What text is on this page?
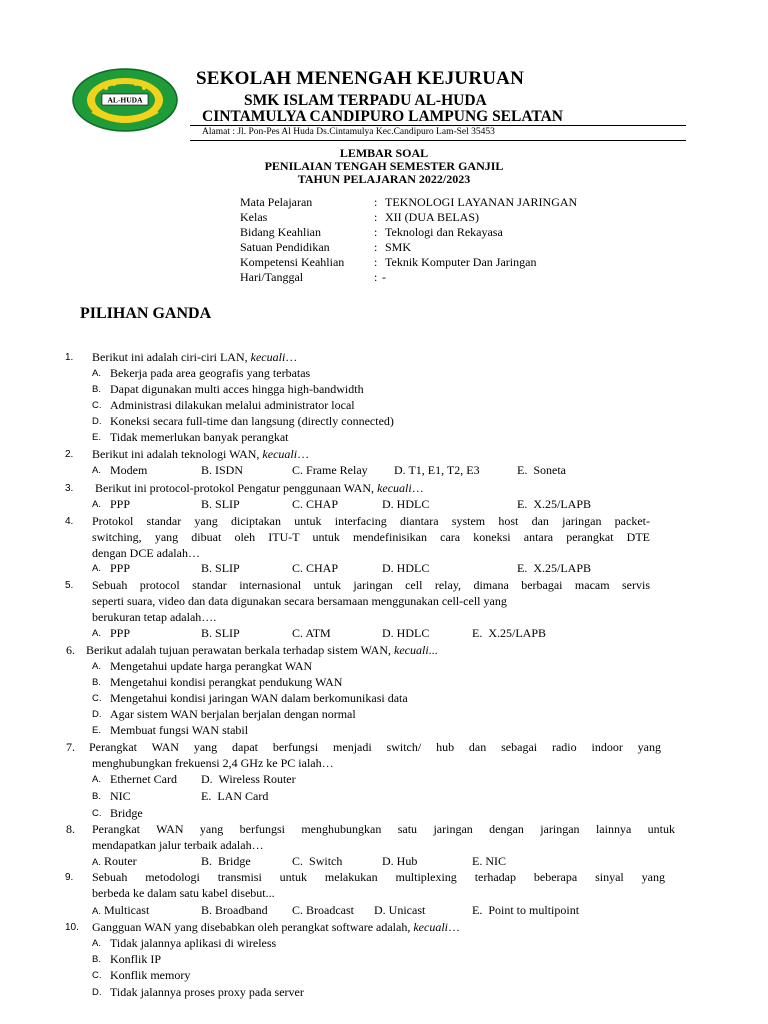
AL-HUDA
SEKOLAH MENENGAH KEJURUAN
SMK ISLAM TERPADU AL-HUDA
CINTAMULYA CANDIPURO LAMPUNG SELATAN
Alamat : Jl. Pon-Pes Al Huda Ds.Cintamulya Kec.Candipuro Lam-Sel 35453
LEMBAR SOAL
PENILAIAN TENGAH SEMESTER GANJIL
TAHUN PELAJARAN 2022/2023
Mata Pelajaran	: TEKNOLOGI LAYANAN JARINGAN
Kelas	: XII (DUA BELAS)
Bidang Keahlian	: Teknologi dan Rekayasa
Satuan Pendidikan	: SMK
Kompetensi Keahlian : Teknik Komputer Dan Jaringan
Hari/Tanggal	: -
PILIHAN GANDA
1. Berikut ini adalah ciri-ciri LAN, kecuali…
A. Bekerja pada area geografis yang terbatas
B. Dapat digunakan multi acces hingga high-bandwidth
C. Administrasi dilakukan melalui administrator local
D. Koneksi secara full-time dan langsung (directly connected)
E. Tidak memerlukan banyak perangkat
2. Berikut ini adalah teknologi WAN, kecuali…
A. Modem	B. ISDN	C. Frame Relay D. T1, E1, T2, E3	E. Soneta
3. Berikut ini protocol-protokol Pengatur penggunaan WAN, kecuali…
A. PPP	B. SLIP	C. CHAP	D. HDLC	E. X.25/LAPB
4. Protokol standar yang diciptakan untuk interfacing diantara system host dan jaringan packet-
switching, yang dibuat oleh ITU-T untuk mendefinisikan cara koneksi antara perangkat DTE
dengan DCE adalah…
A. PPP	B. SLIP	C. CHAP	D. HDLC	E. X.25/LAPB
5. Sebuah protocol standar internasional untuk jaringan cell relay, dimana berbagai macam servis
seperti suara, video dan data digunakan secara bersamaan menggunakan cell-cell yang
berukuran tetap adalah….
A. PPP	B. SLIP	C. ATM	D. HDLC	E. X.25/LAPB
6. Berikut adalah tujuan perawatan berkala terhadap sistem WAN, kecuali...
A. Mengetahui update harga perangkat WAN
B. Mengetahui kondisi perangkat pendukung WAN
C. Mengetahui kondisi jaringan WAN dalam berkomunikasi data
D. Agar sistem WAN berjalan berjalan dengan normal
E. Membuat fungsi WAN stabil
7. Perangkat WAN yang dapat berfungsi menjadi switch/ hub dan sebagai radio indoor yang
menghubungkan frekuensi 2,4 GHz ke PC ialah…
A. Ethernet Card D. Wireless Router
B. NIC	E. LAN Card
C. Bridge
8. Perangkat WAN yang berfungsi menghubungkan satu jaringan dengan jaringan lainnya untuk
mendapatkan jalur terbaik adalah…
A. Router	B. Bridge	C. Switch	D. Hub	E. NIC
9. Sebuah metodologi transmisi untuk melakukan multiplexing terhadap beberapa sinyal yang
berbeda ke dalam satu kabel disebut...
A. Multicast	B. Broadband C. Broadcast D. Unicast	E. Point to multipoint
10. Gangguan WAN yang disebabkan oleh perangkat software adalah, kecuali…
A. Tidak jalannya aplikasi di wireless
B. Konflik IP
C. Konflik memory
D. Tidak jalannya proses proxy pada server
